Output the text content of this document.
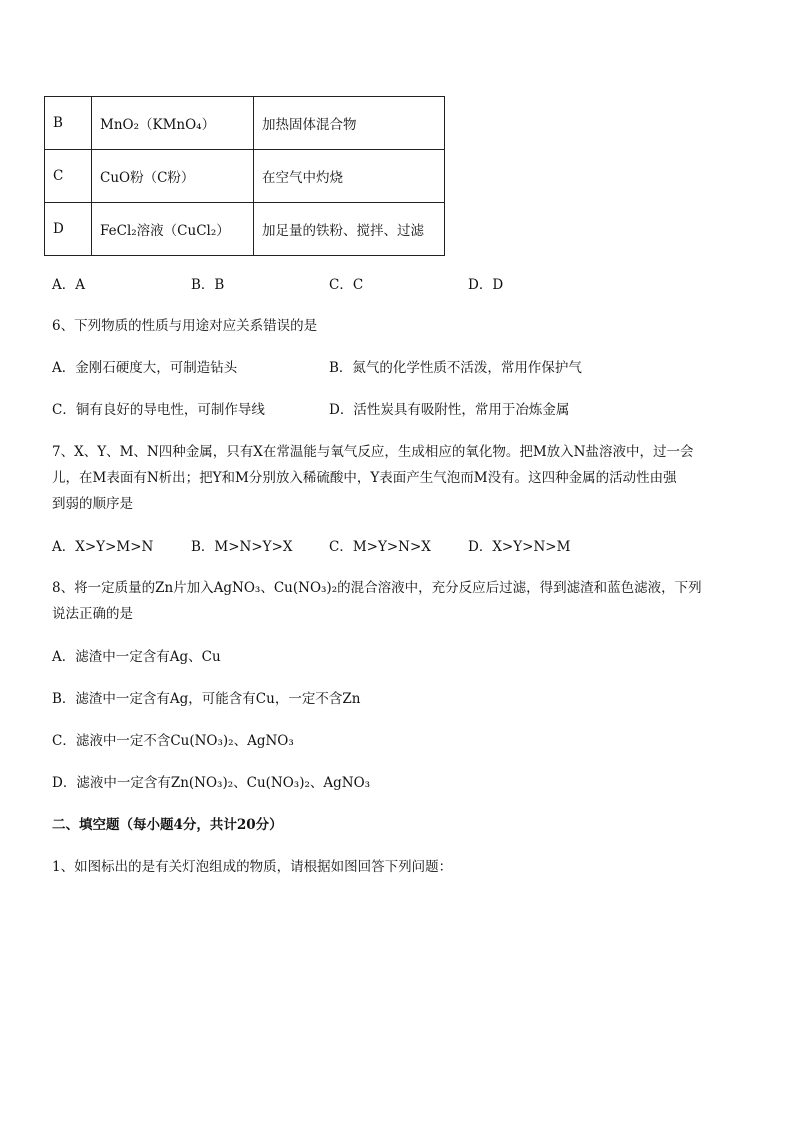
B	MnO₂（KMnO₄）	加热固体混合物
C	CuO粉（C粉）	在空气中灼烧
D	FeCl₂溶液（CuCl₂）	加足量的铁粉、搅拌、过滤
A．A	B．B	C．C	D．D
6、下列物质的性质与用途对应关系错误的是
A．金刚石硬度大，可制造钻头	B．氮气的化学性质不活泼，常用作保护气
C．铜有良好的导电性，可制作导线	D．活性炭具有吸附性，常用于冶炼金属
7、X、Y、M、N四种金属，只有X在常温能与氧气反应，生成相应的氧化物。把M放入N盐溶液中，过一会
儿，在M表面有N析出；把Y和M分别放入稀硫酸中，Y表面产生气泡而M没有。这四种金属的活动性由强
到弱的顺序是
A．X>Y>M>N	B．M>N>Y>X	C．M>Y>N>X	D．X>Y>N>M
8、将一定质量的Zn片加入AgNO₃、Cu(NO₃)₂的混合溶液中，充分反应后过滤，得到滤渣和蓝色滤液，下列
说法正确的是
A．滤渣中一定含有Ag、Cu
B．滤渣中一定含有Ag，可能含有Cu，一定不含Zn
C．滤液中一定不含Cu(NO₃)₂、AgNO₃
D．滤液中一定含有Zn(NO₃)₂、Cu(NO₃)₂、AgNO₃
二、填空题（每小题4分，共计20分）
1、如图标出的是有关灯泡组成的物质，请根据如图回答下列问题：
